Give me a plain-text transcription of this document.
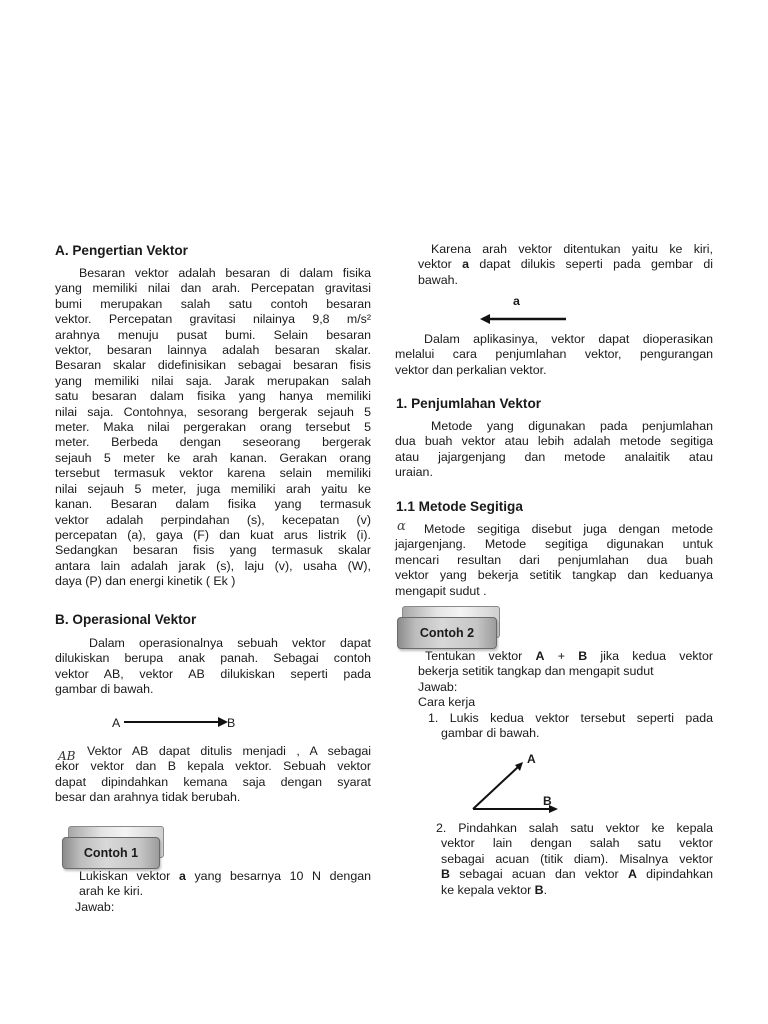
A. Pengertian Vektor
Besaran vektor adalah besaran di dalam fisika
yang memiliki nilai dan arah. Percepatan gravitasi
bumi merupakan salah satu contoh besaran
vektor. Percepatan gravitasi nilainya 9,8 m/s²
arahnya menuju pusat bumi. Selain besaran
vektor, besaran lainnya adalah besaran skalar.
Besaran skalar didefinisikan sebagai besaran fisis
yang memiliki nilai saja. Jarak merupakan salah
satu besaran dalam fisika yang hanya memiliki
nilai saja. Contohnya, sesorang bergerak sejauh 5
meter. Maka nilai pergerakan orang tersebut 5
meter. Berbeda dengan seseorang bergerak
sejauh 5 meter ke arah kanan. Gerakan orang
tersebut termasuk vektor karena selain memiliki
nilai sejauh 5 meter, juga memiliki arah yaitu ke
kanan. Besaran dalam fisika yang termasuk
vektor adalah perpindahan (s), kecepatan (v)
percepatan (a), gaya (F) dan kuat arus listrik (i).
Sedangkan besaran fisis yang termasuk skalar
antara lain adalah jarak (s), laju (v), usaha (W),
daya (P) dan energi kinetik ( Ek )
B. Operasional Vektor
Dalam operasionalnya sebuah vektor dapat
dilukiskan berupa anak panah. Sebagai contoh
vektor AB, vektor AB dilukiskan seperti pada
gambar di bawah.
A	B
AB Vektor AB dapat ditulis menjadi , A sebagai
ekor vektor dan B kepala vektor. Sebuah vektor
dapat dipindahkan kemana saja dengan syarat
besar dan arahnya tidak berubah.
Contoh 1
Lukiskan vektor a yang besarnya 10 N dengan
arah ke kiri.
Jawab:
Karena arah vektor ditentukan yaitu ke kiri,
vektor a dapat dilukis seperti pada gembar di
bawah.
a
Dalam aplikasinya, vektor dapat dioperasikan
melalui cara penjumlahan vektor, pengurangan
vektor dan perkalian vektor.
1. Penjumlahan Vektor
Metode yang digunakan pada penjumlahan
dua buah vektor atau lebih adalah metode segitiga
atau jajargenjang dan metode analaitik atau
uraian.
1.1 Metode Segitiga
α	Metode segitiga disebut juga dengan metode
jajargenjang. Metode segitiga digunakan untuk
mencari resultan dari penjumlahan dua buah
vektor yang bekerja setitik tangkap dan keduanya
mengapit sudut .
Contoh 2
Tentukan vektor A + B jika kedua vektor
bekerja setitik tangkap dan mengapit sudut
Jawab:
Cara kerja
1. Lukis kedua vektor tersebut seperti pada
gambar di bawah.
A
B
2. Pindahkan salah satu vektor ke kepala
vektor lain dengan salah satu vektor
sebagai acuan (titik diam). Misalnya vektor
B sebagai acuan dan vektor A dipindahkan
ke kepala vektor B.
